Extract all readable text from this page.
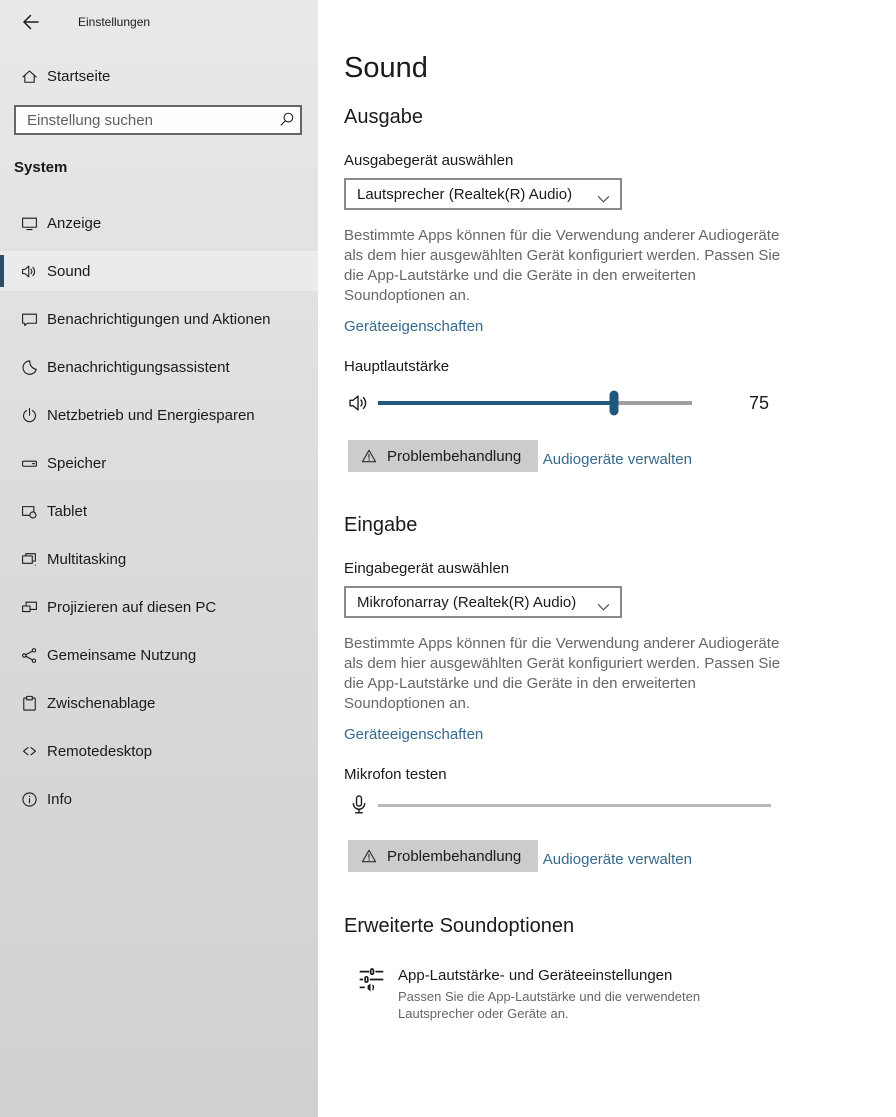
Einstellungen
Startseite
Einstellung suchen
System
Anzeige
Sound
Benachrichtigungen und Aktionen
Benachrichtigungsassistent
Netzbetrieb und Energiesparen
Speicher
Tablet
Multitasking
Projizieren auf diesen PC
Gemeinsame Nutzung
Zwischenablage
Remotedesktop
Info
Sound
Ausgabe
Ausgabegerät auswählen
Lautsprecher (Realtek(R) Audio)

Bestimmte Apps können für die Verwendung anderer Audiogeräte als dem hier ausgewählten Gerät konfiguriert werden. Passen Sie die App-Lautstärke und die Geräte in den erweiterten Soundoptionen an.

Geräteeigenschaften
Hauptlautstärke
75
Problembehandlung Audiogeräte verwalten
Eingabe
Eingabegerät auswählen
Mikrofonarray (Realtek(R) Audio)

Bestimmte Apps können für die Verwendung anderer Audiogeräte als dem hier ausgewählten Gerät konfiguriert werden. Passen Sie die App-Lautstärke und die Geräte in den erweiterten Soundoptionen an.

Geräteeigenschaften
Mikrofon testen
Problembehandlung Audiogeräte verwalten
Erweiterte Soundoptionen
App-Lautstärke- und Geräteeinstellungen
Passen Sie die App-Lautstärke und die verwendeten Lautsprecher oder Geräte an.
